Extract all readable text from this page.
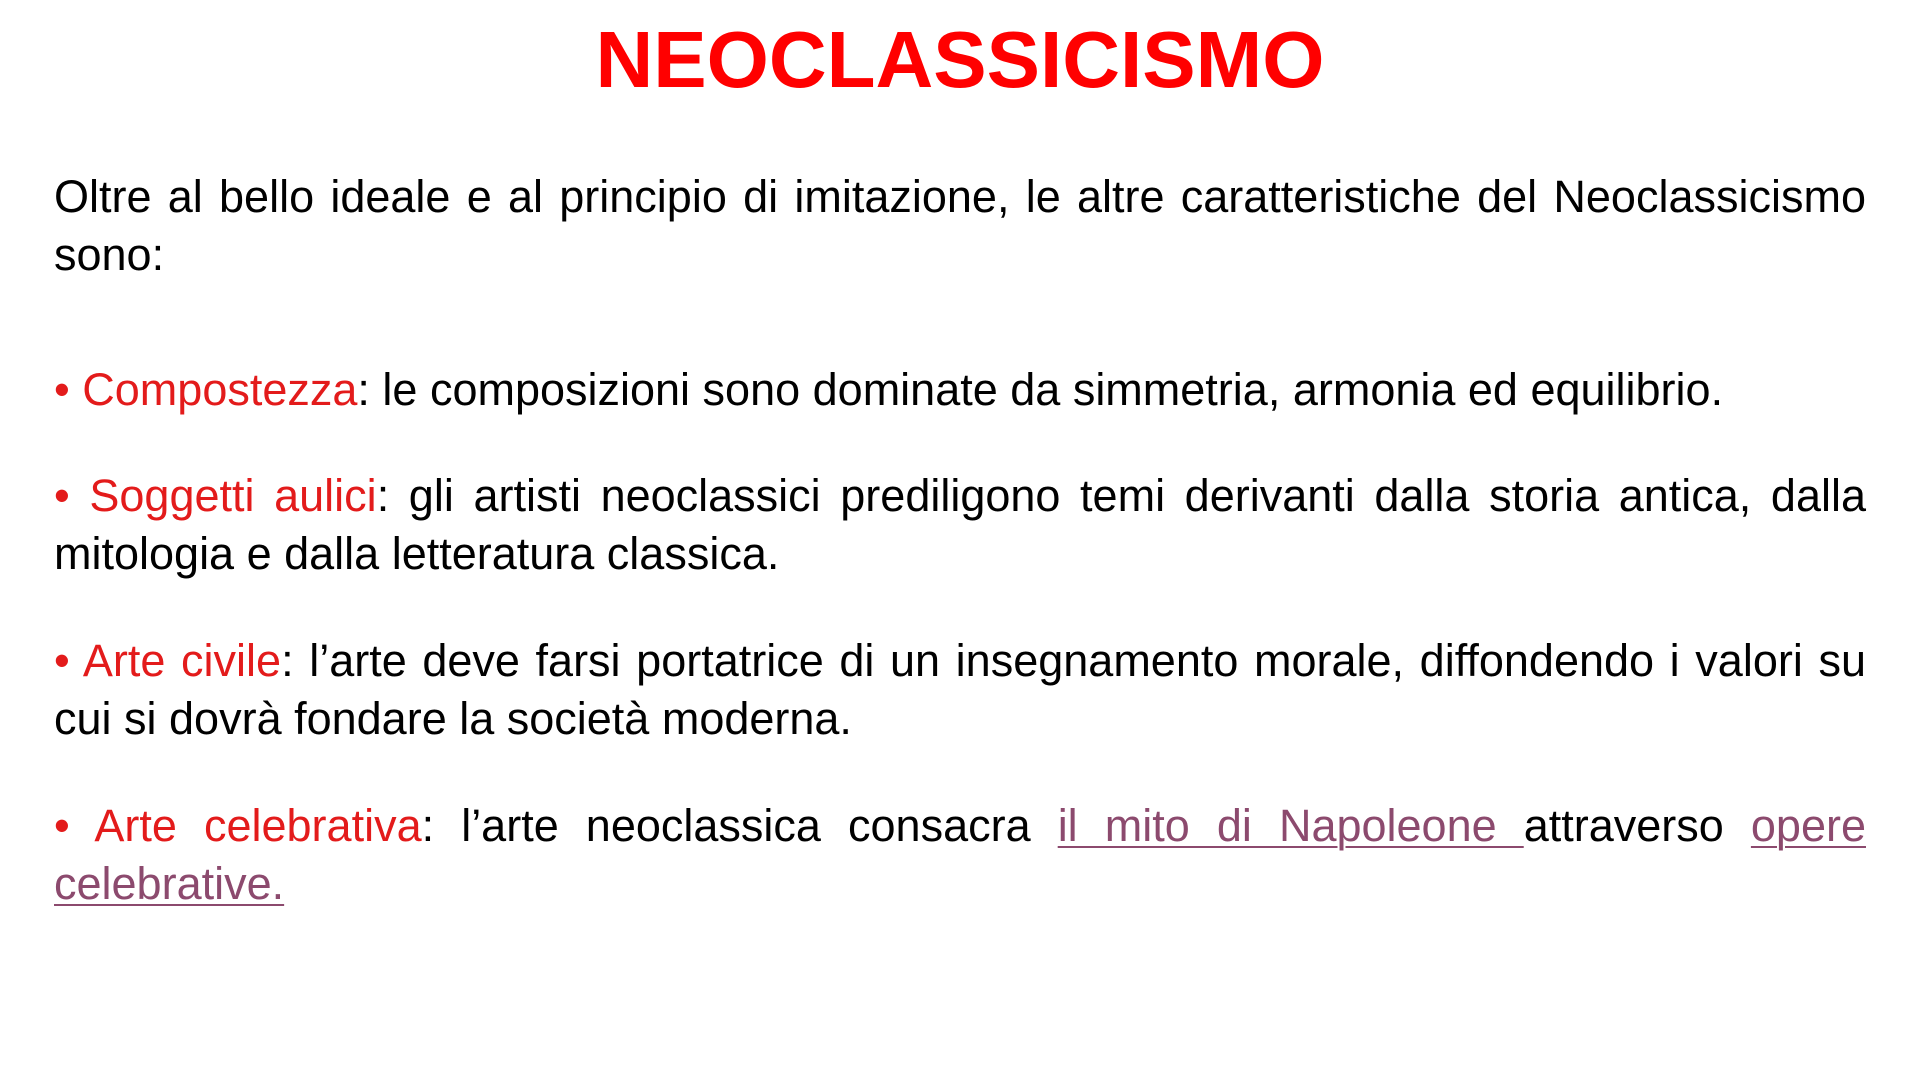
NEOCLASSICISMO
Oltre al bello ideale e al principio di imitazione, le altre caratteristiche del Neoclassicismo sono:
• Compostezza: le composizioni sono dominate da simmetria, armonia ed equilibrio.
• Soggetti aulici: gli artisti neoclassici prediligono temi derivanti dalla storia antica, dalla mitologia e dalla letteratura classica.
• Arte civile: l’arte deve farsi portatrice di un insegnamento morale, diffondendo i valori su cui si dovrà fondare la società moderna.
• Arte celebrativa: l’arte neoclassica consacra il mito di Napoleone attraverso opere celebrative.
